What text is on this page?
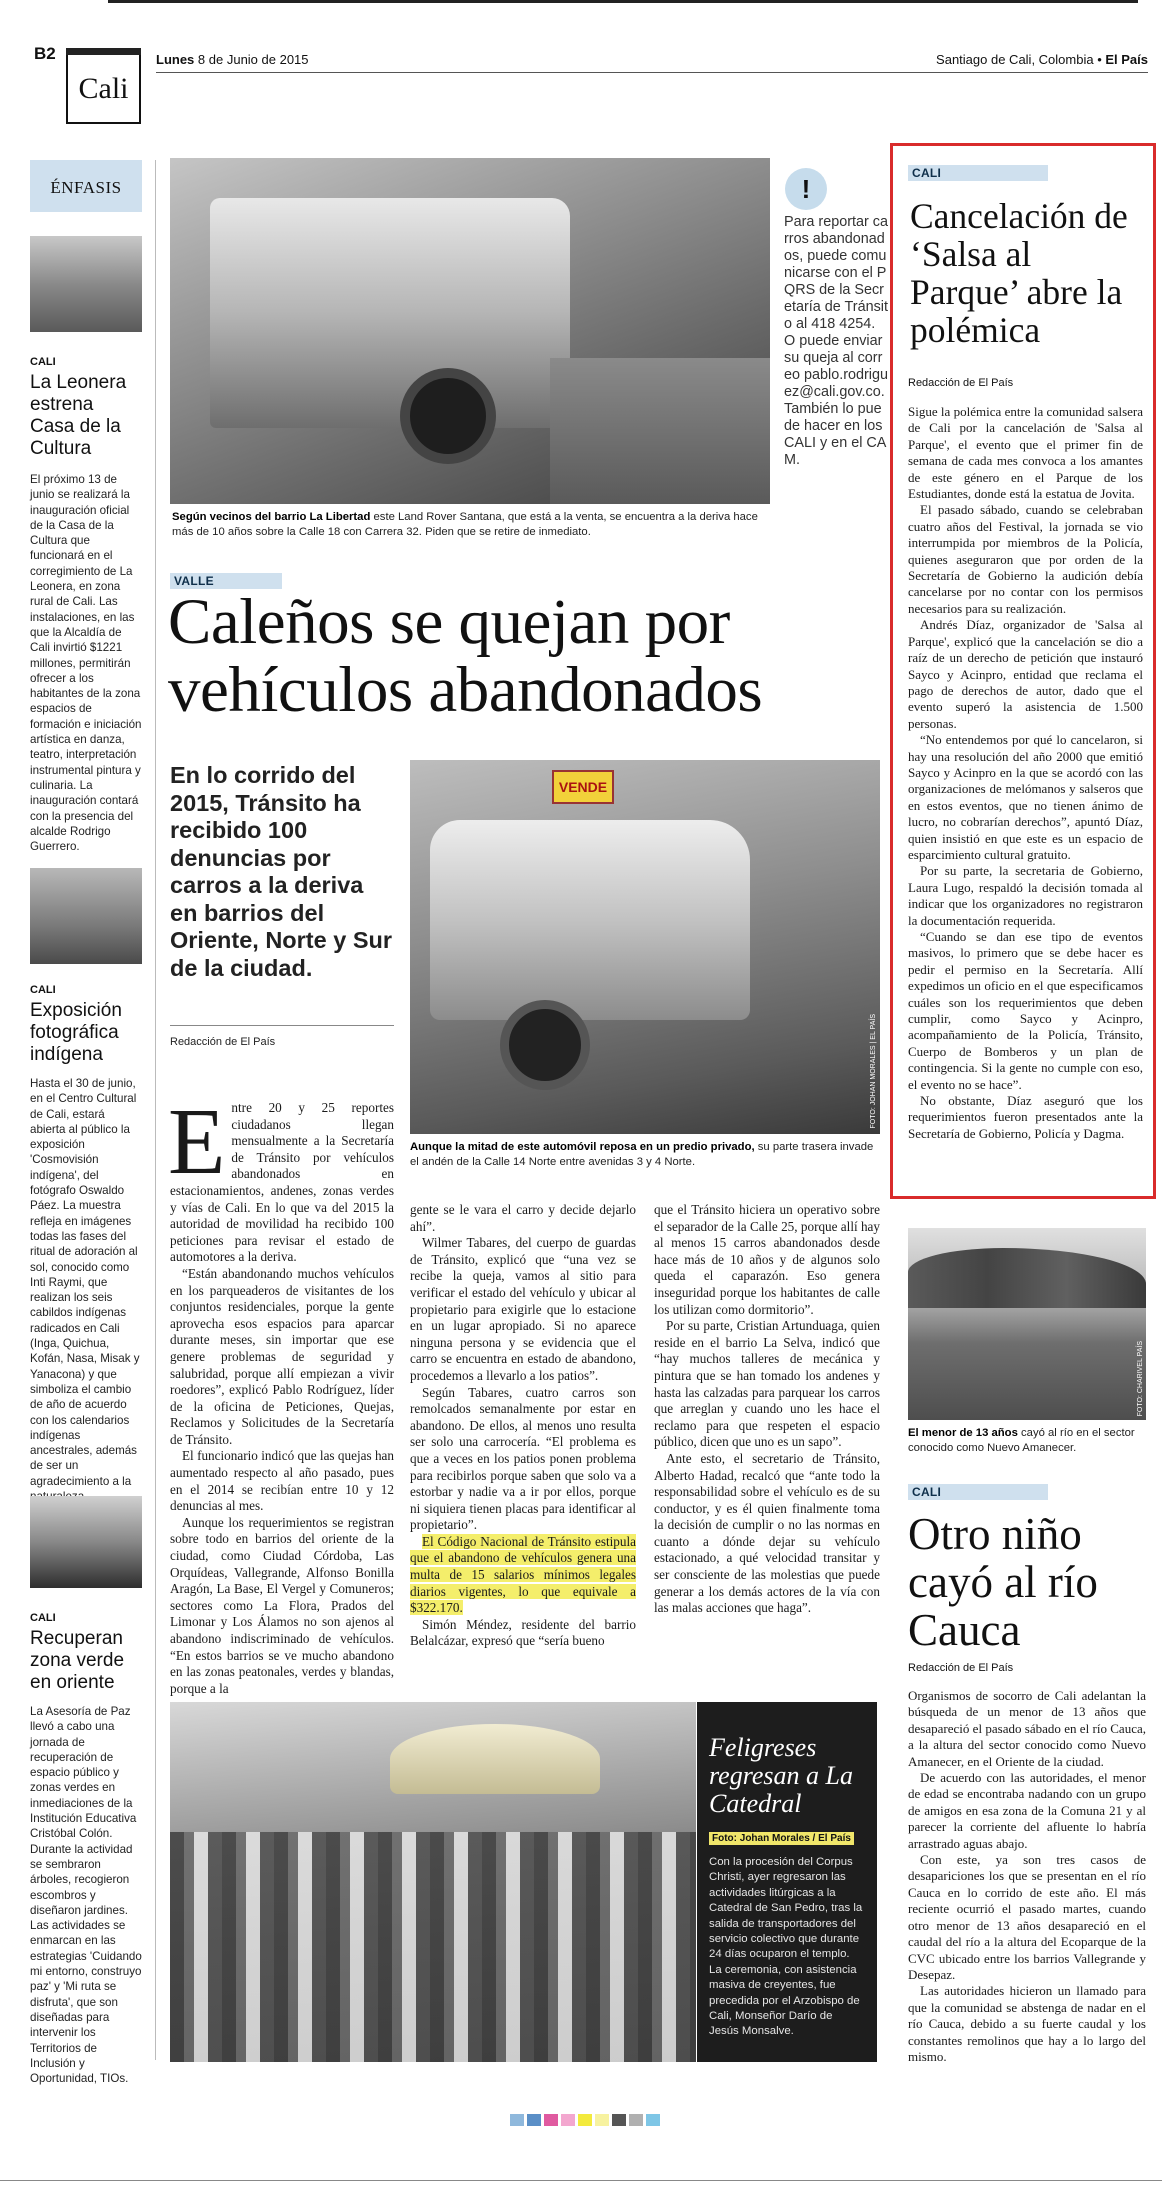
B2
Cali
Lunes 8 de Junio de 2015	Santiago de Cali, Colombia • El País
ÉNFASIS
CALI
La Leonera estrena Casa de la Cultura
El próximo 13 de junio se realizará la inauguración oficial de la Casa de la Cultura que funcionará en el corregimiento de La Leonera, en zona rural de Cali. Las instalaciones, en las que la Alcaldía de Cali invirtió $1221 millones, permitirán ofrecer a los habitantes de la zona espacios de formación e iniciación artística en danza, teatro, interpretación instrumental pintura y culinaria. La inauguración contará con la presencia del alcalde Rodrigo Guerrero.
CALI
Exposición fotográfica indígena
Hasta el 30 de junio, en el Centro Cultural de Cali, estará abierta al público la exposición 'Cosmovisión indígena', del fotógrafo Oswaldo Páez. La muestra refleja en imágenes todas las fases del ritual de adoración al sol, conocido como Inti Raymi, que realizan los seis cabildos indígenas radicados en Cali (Inga, Quichua, Kofán, Nasa, Misak y Yanacona) y que simboliza el cambio de año de acuerdo con los calendarios indígenas ancestrales, además de ser un agradecimiento a la
CALI
Recuperan zona verde en oriente
La Asesoría de Paz llevó a cabo una jornada de recuperación de espacio público y zonas verdes en inmediaciones de la Institución Educativa Cristóbal Colón. Durante la actividad se sembraron árboles, recogieron escombros y diseñaron jardines. Las actividades se enmarcan en las estrategias 'Cuidando mi entorno, construyo paz' y 'Mi ruta se disfruta', que son diseñadas para intervenir los Territorios de Inclusión y Oportunidad, TIOs.
Según vecinos del barrio La Libertad este Land Rover Santana, que está a la venta, se encuentra a la deriva hace más de 10 años sobre la Calle 18 con Carrera 32. Piden que se retire de inmediato.
!
Para reportar carros abandonados, puede comunicarse con el PQRS de la Secretaría de Tránsito al 418 4254. O puede enviar su queja al correo pablo.rodriguez@cali.gov.co. También lo puede hacer en los CALI y en el CAM.
VALLE
Caleños se quejan por vehículos abandonados
En lo corrido del 2015, Tránsito ha recibido 100 denuncias por carros a la deriva en barrios del Oriente, Norte y Sur de la ciudad.
Redacción de El País
VENDE
FOTO: JOHAN MORALES | EL PAÍS
Aunque la mitad de este automóvil reposa en un predio privado, su parte trasera invade el andén de la Calle 14 Norte entre avenidas 3 y 4 Norte.
Entre 20 y 25 reportes ciudadanos llegan mensualmente a la Secretaría de Tránsito por vehículos abandonados en estacionamientos, andenes, zonas verdes y vías de Cali. En lo que va del 2015 la autoridad de movilidad ha recibido 100 peticiones para revisar el estado de automotores a la deriva.

“Están abandonando muchos vehículos en los parqueaderos de visitantes de los conjuntos residenciales, porque la gente aprovecha esos espacios para aparcar durante meses, sin importar que ese genere problemas de seguridad y salubridad, porque allí empiezan a vivir roedores”, explicó Pablo Rodríguez, líder de la oficina de Peticiones, Quejas, Reclamos y Solicitudes de la Secretaría de Tránsito.

El funcionario indicó que las quejas han aumentado respecto al año pasado, pues en el 2014 se recibían entre 10 y 12 denuncias al mes.

Aunque los requerimientos se registran sobre todo en barrios del oriente de la ciudad, como Ciudad Córdoba, Las Orquídeas, Vallegrande, Alfonso Bonilla Aragón, La Base, El Vergel y Comuneros; sectores como La Flora, Prados del Limonar y Los Álamos no son ajenos al abandono indiscriminado de vehículos. “En estos barrios se ve mucho abandono en las zonas peatonales, verdes y blandas, porque a la

gente se le vara el carro y decide dejarlo ahí”.

Wilmer Tabares, del cuerpo de guardas de Tránsito, explicó que “una vez se recibe la queja, vamos al sitio para verificar el estado del vehículo y ubicar al propietario para exigirle que lo estacione en un lugar apropiado. Si no aparece ninguna persona y se evidencia que el carro se encuentra en estado de abandono, procedemos a llevarlo a los patios”.

Según Tabares, cuatro carros son remolcados semanalmente por estar en abandono. De ellos, al menos uno resulta ser solo una carrocería. “El problema es que a veces en los patios ponen problema para recibirlos porque saben que solo va a estorbar y nadie va a ir por ellos, porque ni siquiera tienen placas para identificar al propietario”.

El Código Nacional de Tránsito estipula que el abandono de vehículos genera una multa de 15 salarios mínimos legales diarios vigentes, lo que equivale a $322.170.

Simón Méndez, residente del barrio Belalcázar, expresó que “sería bueno

que el Tránsito hiciera un operativo sobre el separador de la Calle 25, porque allí hay al menos 15 carros abandonados desde hace más de 10 años y de algunos solo queda el caparazón. Eso genera inseguridad porque los habitantes de calle los utilizan como dormitorio”.

Por su parte, Cristian Artunduaga, quien reside en el barrio La Selva, indicó que “hay muchos talleres de mecánica y pintura que se han tomado los andenes y hasta las calzadas para parquear los carros que arreglan y cuando uno les hace el reclamo para que respeten el espacio público, dicen que uno es un sapo”.

Ante esto, el secretario de Tránsito, Alberto Hadad, recalcó que “ante todo la responsabilidad sobre el vehículo es de su conductor, y es él quien finalmente toma la decisión de cumplir o no las normas en cuanto a dónde dejar su vehículo estacionado, a qué velocidad transitar y ser consciente de las molestias que puede generar a los demás actores de la vía con las malas acciones que haga”.

Feligreses regresan a La Catedral
Foto: Johan Morales / El País
Con la procesión del Corpus Christi, ayer regresaron las actividades litúrgicas a la Catedral de San Pedro, tras la salida de transportadores del servicio colectivo que durante 24 días ocuparon el templo. La ceremonia, con asistencia masiva de creyentes, fue precedida por el Arzobispo de Cali, Monseñor Darío de Jesús Monsalve.
CALI
Cancelación de ‘Salsa al Parque’ abre la polémica
Redacción de El País

Sigue la polémica entre la comunidad salsera de Cali por la cancelación de 'Salsa al Parque', el evento que el primer fin de semana de cada mes convoca a los amantes de este género en el Parque de los Estudiantes, donde está la estatua de Jovita.

El pasado sábado, cuando se celebraban cuatro años del Festival, la jornada se vio interrumpida por miembros de la Policía, quienes aseguraron que por orden de la Secretaría de Gobierno la audición debía cancelarse por no contar con los permisos necesarios para su realización.

Andrés Díaz, organizador de 'Salsa al Parque', explicó que la cancelación se dio a raíz de un derecho de petición que instauró Sayco y Acinpro, entidad que reclama el pago de derechos de autor, dado que el evento superó la asistencia de 1.500 personas.

“No entendemos por qué lo cancelaron, si hay una resolución del año 2000 que emitió Sayco y Acinpro en la que se acordó con las organizaciones de melómanos y salseros que en estos eventos, que no tienen ánimo de lucro, no cobrarían derechos”, apuntó Díaz, quien insistió en que este es un espacio de esparcimiento cultural gratuito.

Por su parte, la secretaria de Gobierno, Laura Lugo, respaldó la decisión tomada al indicar que los organizadores no registraron la documentación requerida.

“Cuando se dan ese tipo de eventos masivos, lo primero que se debe hacer es pedir el permiso en la Secretaría. Allí expedimos un oficio en el que especificamos cuáles son los requerimientos que deben cumplir, como Sayco y Acinpro, acompañamiento de la Policía, Tránsito, Cuerpo de Bomberos y un plan de contingencia. Si la gente no cumple con eso, el evento no se hace”.

No obstante, Díaz aseguró que los requerimientos fueron presentados ante la Secretaría de Gobierno, Policía y Dagma.

FOTO: CHARIVEL PAÍS
El menor de 13 años cayó al río en el sector conocido como Nuevo Amanecer.
CALI
Otro niño cayó al río Cauca
Redacción de El País

Organismos de socorro de Cali adelantan la búsqueda de un menor de 13 años que desapareció el pasado sábado en el río Cauca, a la altura del sector conocido como Nuevo Amanecer, en el Oriente de la ciudad.

De acuerdo con las autoridades, el menor de edad se encontraba nadando con un grupo de amigos en esa zona de la Comuna 21 y al parecer la corriente del afluente lo habría arrastrado aguas abajo.

Con este, ya son tres casos de desapariciones los que se presentan en el río Cauca en lo corrido de este año. El más reciente ocurrió el pasado martes, cuando otro menor de 13 años desapareció en el caudal del río a la altura del Ecoparque de la CVC ubicado entre los barrios Vallegrande y Desepaz.

Las autoridades hicieron un llamado para que la comunidad se abstenga de nadar en el río Cauca, debido a su fuerte caudal y los constantes remolinos que hay a lo largo del mismo.
